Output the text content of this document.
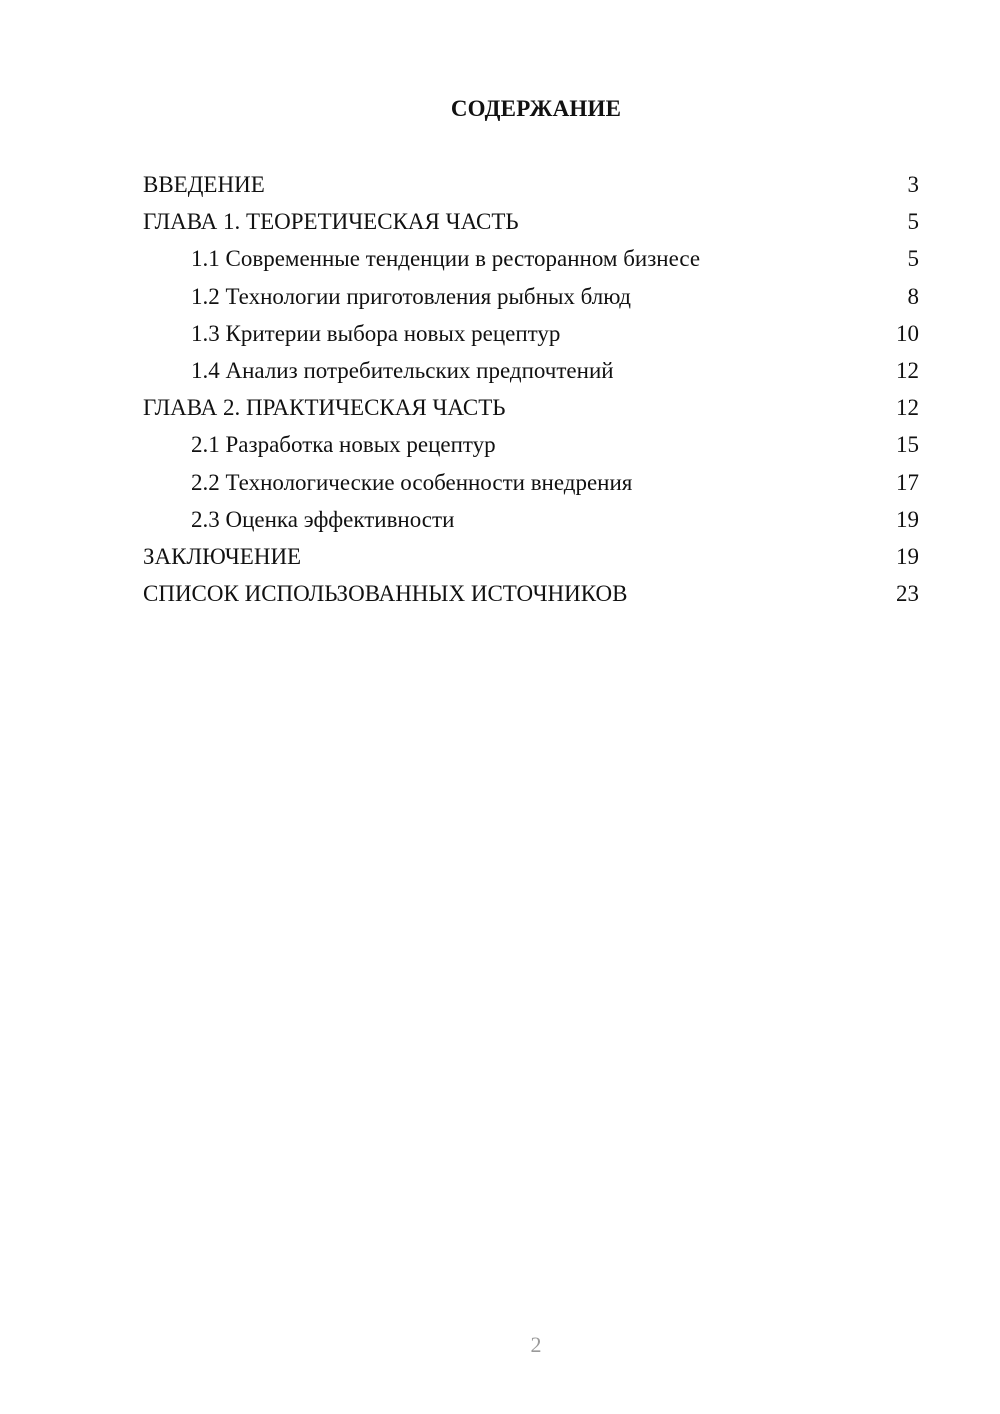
СОДЕРЖАНИЕ
ВВЕДЕНИЕ	3
ГЛАВА 1. ТЕОРЕТИЧЕСКАЯ ЧАСТЬ	5
1.1 Современные тенденции в ресторанном бизнесе	5
1.2 Технологии приготовления рыбных блюд	8
1.3 Критерии выбора новых рецептур	10
1.4 Анализ потребительских предпочтений	12
ГЛАВА 2. ПРАКТИЧЕСКАЯ ЧАСТЬ	12
2.1 Разработка новых рецептур	15
2.2 Технологические особенности внедрения	17
2.3 Оценка эффективности	19
ЗАКЛЮЧЕНИЕ	19
СПИСОК ИСПОЛЬЗОВАННЫХ ИСТОЧНИКОВ	23
2
